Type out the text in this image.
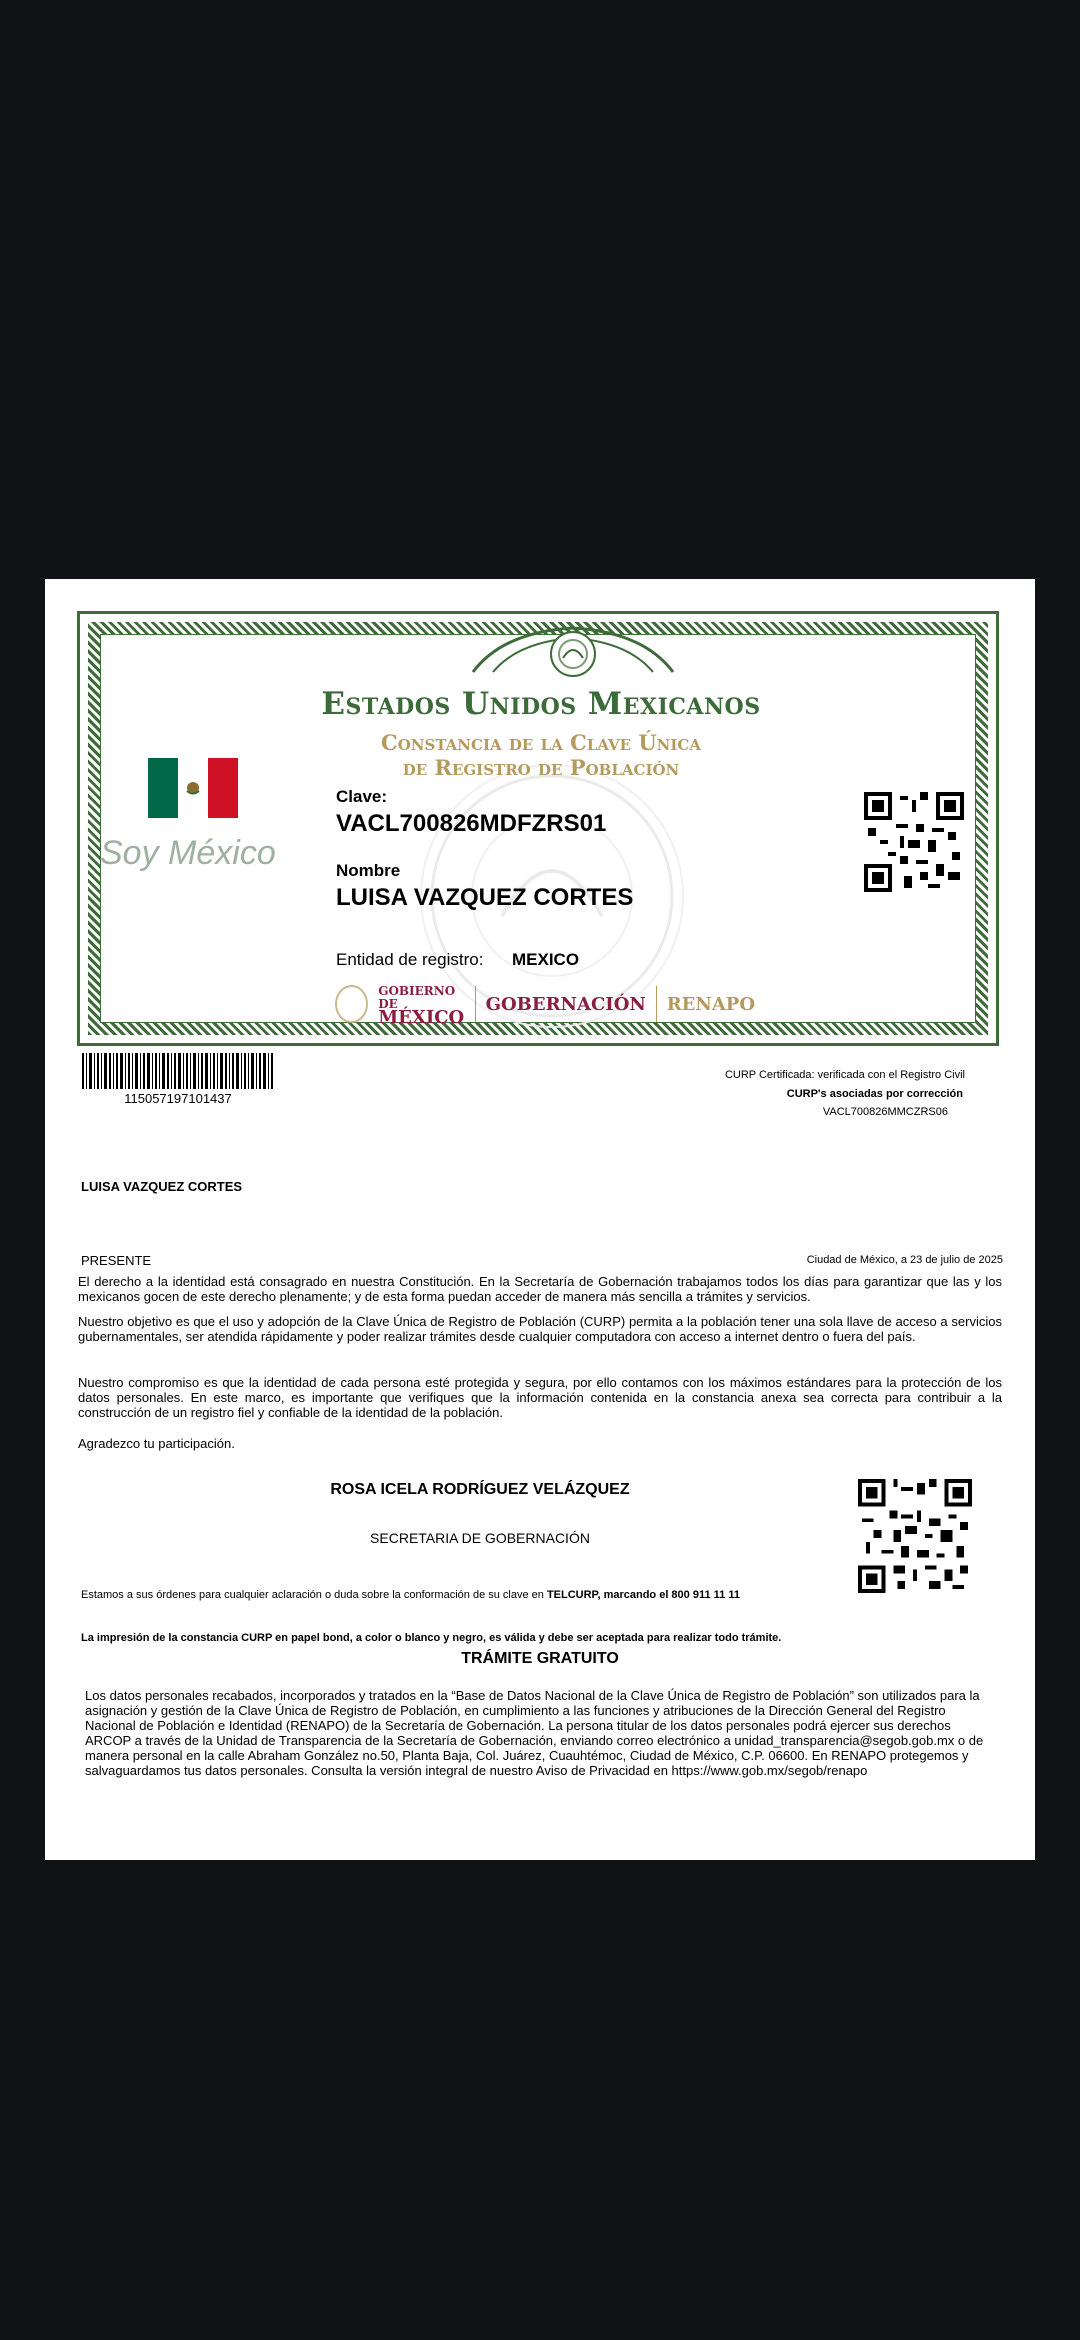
Estados Unidos Mexicanos
Constancia de la Clave Única
de Registro de Población
Soy México
Clave:
VACL700826MDFZRS01
Nombre
LUISA VAZQUEZ CORTES
Entidad de registro: MEXICO
GOBIERNO DE
MÉXICO
GOBERNACIÓN RENAPO
115057197101437
CURP Certificada: verificada con el Registro Civil
CURP's asociadas por corrección
VACL700826MMCZRS06
LUISA VAZQUEZ CORTES
PRESENTE	Ciudad de México, a 23 de julio de 2025
El derecho a la identidad está consagrado en nuestra Constitución. En la Secretaría de Gobernación trabajamos todos los días para garantizar que las y los mexicanos gocen de este derecho plenamente; y de esta forma puedan acceder de manera más sencilla a trámites y servicios.
Nuestro objetivo es que el uso y adopción de la Clave Única de Registro de Población (CURP) permita a la población tener una sola llave de acceso a servicios gubernamentales, ser atendida rápidamente y poder realizar trámites desde cualquier computadora con acceso a internet dentro o fuera del país.
Nuestro compromiso es que la identidad de cada persona esté protegida y segura, por ello contamos con los máximos estándares para la protección de los datos personales. En este marco, es importante que verifiques que la información contenida en la constancia anexa sea correcta para contribuir a la construcción de un registro fiel y confiable de la identidad de la población.
Agradezco tu participación.
ROSA ICELA RODRÍGUEZ VELÁZQUEZ
SECRETARIA DE GOBERNACIÓN
Estamos a sus órdenes para cualquier aclaración o duda sobre la conformación de su clave en TELCURP, marcando el 800 911 11 11
La impresión de la constancia CURP en papel bond, a color o blanco y negro, es válida y debe ser aceptada para realizar todo trámite.
TRÁMITE GRATUITO
Los datos personales recabados, incorporados y tratados en la “Base de Datos Nacional de la Clave Única de Registro de Población” son utilizados para la asignación y gestión de la Clave Única de Registro de Población, en cumplimiento a las funciones y atribuciones de la Dirección General del Registro Nacional de Población e Identidad (RENAPO) de la Secretaría de Gobernación. La persona titular de los datos personales podrá ejercer sus derechos ARCOP a través de la Unidad de Transparencia de la Secretaría de Gobernación, enviando correo electrónico a unidad_transparencia@segob.gob.mx o de manera personal en la calle Abraham González no.50, Planta Baja, Col. Juárez, Cuauhtémoc, Ciudad de México, C.P. 06600. En RENAPO protegemos y salvaguardamos tus datos personales. Consulta la versión integral de nuestro Aviso de Privacidad en https://www.gob.mx/segob/renapo
